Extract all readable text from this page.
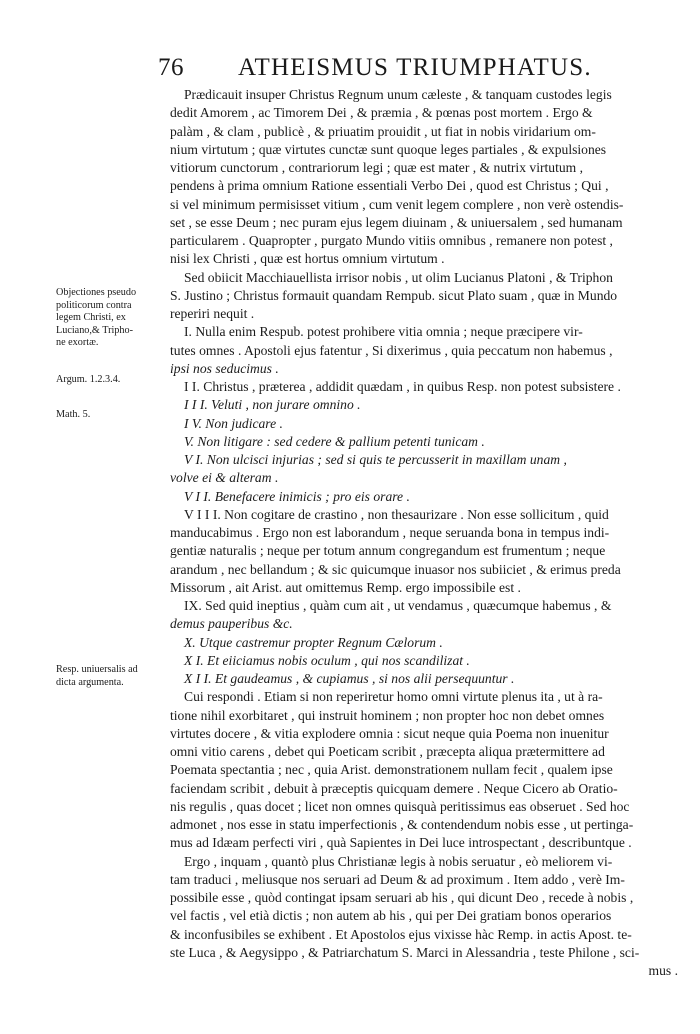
76 ATHEISMUS TRIUMPHATUS.
Objectiones pseudo
politicorum contra
legem Christi, ex
Luciano,& Tripho-
ne exortæ.
Argum. 1.2.3.4.
Math. 5.
Resp. uniuersalis ad
dicta argumenta.
Prædicauit insuper Christus Regnum unum cæleste , & tanquam custodes legis
dedit Amorem , ac Timorem Dei , & præmia , & pœnas post mortem . Ergo &
palàm , & clam , publicè , & priuatim prouidit , ut fiat in nobis viridarium om-
nium virtutum ; quæ virtutes cunctæ sunt quoque leges partiales , & expulsiones
vitiorum cunctorum , contrariorum legi ; quæ est mater , & nutrix virtutum ,
pendens à prima omnium Ratione essentiali Verbo Dei , quod est Christus ; Qui ,
si vel minimum permisisset vitium , cum venit legem complere , non verè ostendis-
set , se esse Deum ; nec puram ejus legem diuinam , & uniuersalem , sed humanam
particularem . Quapropter , purgato Mundo vitiis omnibus , remanere non potest ,
nisi lex Christi , quæ est hortus omnium virtutum .
Sed obiicit Macchiauellista irrisor nobis , ut olim Lucianus Platoni , & Triphon
S. Justino ; Christus formauit quandam Rempub. sicut Plato suam , quæ in Mundo
reperiri nequit .
I. Nulla enim Respub. potest prohibere vitia omnia ; neque præcipere vir-
tutes omnes . Apostoli ejus fatentur , Si dixerimus , quia peccatum non habemus ,
ipsi nos seducimus .
I I. Christus , præterea , addidit quædam , in quibus Resp. non potest subsistere .
I I I. Veluti , non jurare omnino .
I V. Non judicare .
V. Non litigare : sed cedere & pallium petenti tunicam .
V I. Non ulcisci injurias ; sed si quis te percusserit in maxillam unam ,
volve ei & alteram .
V I I. Benefacere inimicis ; pro eis orare .
V I I I. Non cogitare de crastino , non thesaurizare . Non esse sollicitum , quid
manducabimus . Ergo non est laborandum , neque seruanda bona in tempus indi-
gentiæ naturalis ; neque per totum annum congregandum est frumentum ; neque
arandum , nec bellandum ; & sic quicumque inuasor nos subiiciet , & erimus preda
Missorum , ait Arist. aut omittemus Remp. ergo impossibile est .
IX. Sed quid ineptius , quàm cum ait , ut vendamus , quæcumque habemus , &
demus pauperibus &c.
X. Utque castremur propter Regnum Cælorum .
X I. Et eiiciamus nobis oculum , qui nos scandilizat .
X I I. Et gaudeamus , & cupiamus , si nos alii persequuntur .
Cui respondi . Etiam si non reperiretur homo omni virtute plenus ita , ut à ra-
tione nihil exorbitaret , qui instruit hominem ; non propter hoc non debet omnes
virtutes docere , & vitia explodere omnia : sicut neque quia Poema non inuenitur
omni vitio carens , debet qui Poeticam scribit , præcepta aliqua prætermittere ad
Poemata spectantia ; nec , quia Arist. demonstrationem nullam fecit , qualem ipse
faciendam scribit , debuit à præceptis quicquam demere . Neque Cicero ab Oratio-
nis regulis , quas docet ; licet non omnes quisquà peritissimus eas obseruet . Sed hoc
admonet , nos esse in statu imperfectionis , & contendendum nobis esse , ut pertinga-
mus ad Idæam perfecti viri , quà Sapientes in Dei luce introspectant , describuntque .
Ergo , inquam , quantò plus Christianæ legis à nobis seruatur , eò meliorem vi-
tam traduci , meliusque nos seruari ad Deum & ad proximum . Item addo , verè Im-
possibile esse , quòd contingat ipsam seruari ab his , qui dicunt Deo , recede à nobis ,
vel factis , vel etià dictis ; non autem ab his , qui per Dei gratiam bonos operarios
& inconfusibiles se exhibent . Et Apostolos ejus vixisse hàc Remp. in actis Apost. te-
ste Luca , & Aegysippo , & Patriarchatum S. Marci in Alessandria , teste Philone , sci-
mus .
